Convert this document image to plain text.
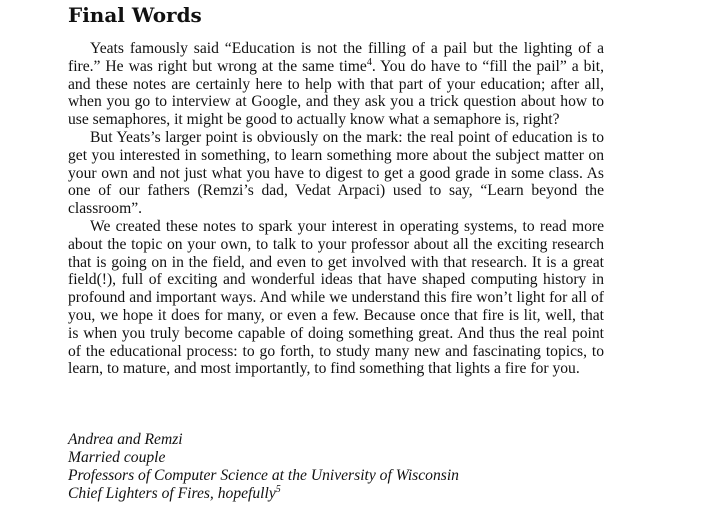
Final Words

Yeats famously said “Education is not the filling of a pail but the lighting of a fire.” He was right but wrong at the same time$^4$. You do have to “fill the pail” a bit, and these notes are certainly here to help with that part of your education; after all, when you go to interview at Google, and they ask you a trick question about how to use semaphores, it might be good to actually know what a semaphore is, right?

But Yeats’s larger point is obviously on the mark: the real point of education is to get you interested in something, to learn something more about the subject matter on your own and not just what you have to digest to get a good grade in some class. As one of our fathers (Remzi’s dad, Vedat Arpaci) used to say, “Learn beyond the classroom”.

We created these notes to spark your interest in operating systems, to read more about the topic on your own, to talk to your professor about all the exciting research that is going on in the field, and even to get involved with that research. It is a great field(!), full of exciting and wonderful ideas that have shaped computing history in profound and important ways. And while we understand this fire won’t light for all of you, we hope it does for many, or even a few. Because once that fire is lit, well, that is when you truly become capable of doing something great. And thus the real point of the educational process: to go forth, to study many new and fascinating topics, to learn, to mature, and most importantly, to find something that lights a fire for you.

Andrea and Remzi
Married couple
Professors of Computer Science at the University of Wisconsin
Chief Lighters of Fires, hopefully$^5$
